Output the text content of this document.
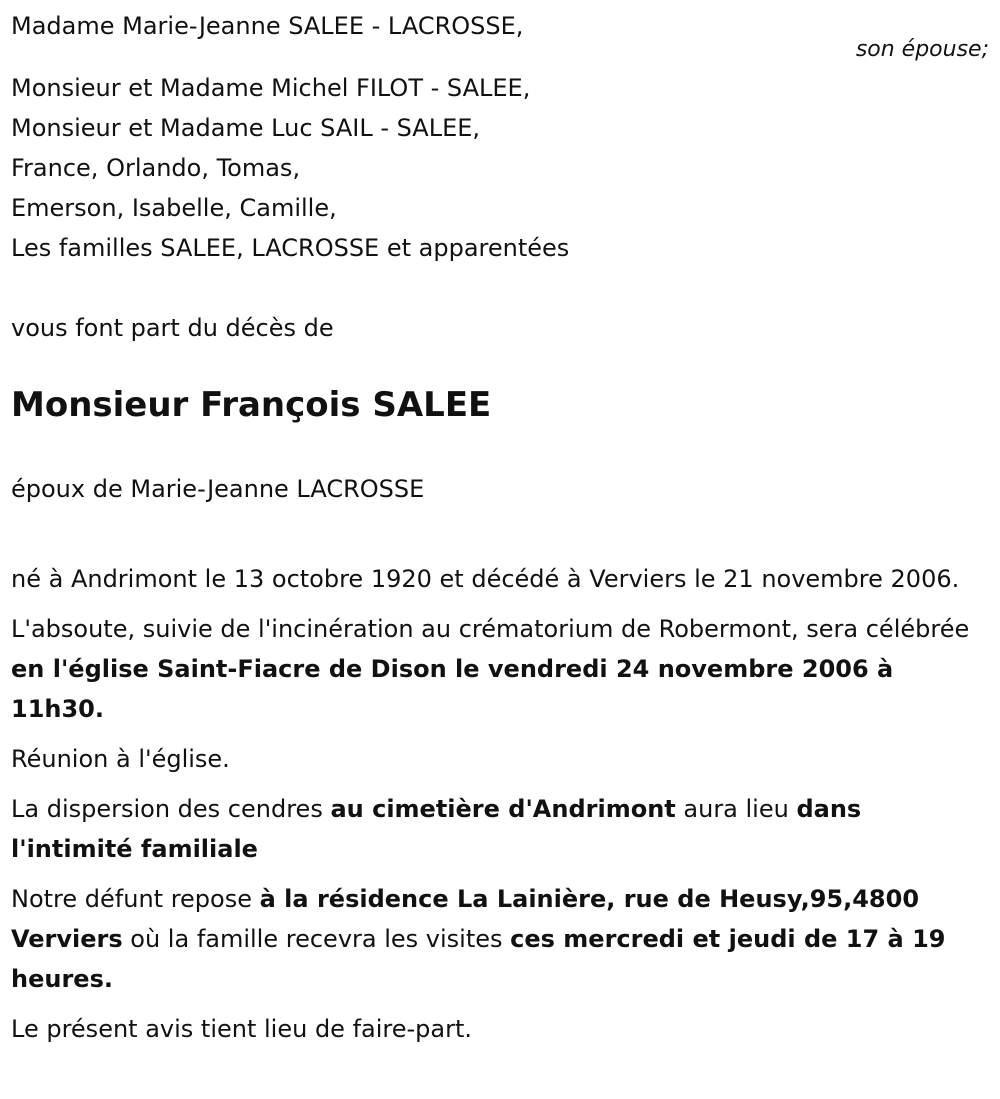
Madame Marie-Jeanne SALEE - LACROSSE,
son épouse;
Monsieur et Madame Michel FILOT - SALEE,
Monsieur et Madame Luc SAIL - SALEE,
France, Orlando, Tomas,
Emerson, Isabelle, Camille,
Les familles SALEE, LACROSSE et apparentées
vous font part du décès de
Monsieur François SALEE
époux de Marie-Jeanne LACROSSE

né à Andrimont le 13 octobre 1920 et décédé à Verviers le 21 novembre 2006.

L'absoute, suivie de l'incinération au crématorium de Robermont, sera célébrée en l'église Saint-Fiacre de Dison le vendredi 24 novembre 2006 à 11h30.

Réunion à l'église.

La dispersion des cendres au cimetière d'Andrimont aura lieu dans l'intimité familiale

Notre défunt repose à la résidence La Lainière, rue de Heusy,95,4800 Verviers où la famille recevra les visites ces mercredi et jeudi de 17 à 19 heures.

Le présent avis tient lieu de faire-part.
